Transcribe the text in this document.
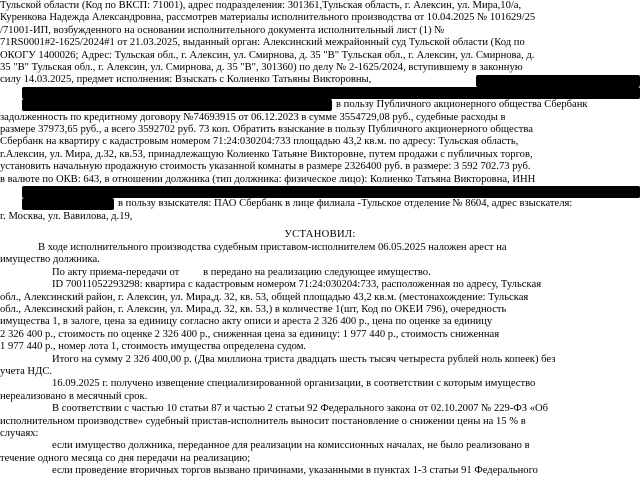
Тульской области (Код по ВКСП: 71001), адрес подразделения: 301361,Тульская область, г. Алексин, ул. Мира,10/а,
Куренкова Надежда Александровна, рассмотрев материалы исполнительного производства от 10.04.2025 № 101629/25
/71001-ИП, возбужденного на основании исполнительного документа исполнительный лист (1) №
71RS0001#2-1625/2024#1 от 21.03.2025, выданный орган: Алексинский межрайонный суд Тульской области (Код по
ОКОГУ 1400026; Адрес: Тульская обл., г. Алексин, ул. Смирнова, д. 35 "В" Тульская обл., г. Алексин, ул. Смирнова, д.
35 "В" Тульская обл., г. Алексин, ул. Смирнова, д. 35 "В", 301360) по делу № 2-1625/2024, вступившему в законную
силу 14.03.2025, предмет исполнения: Взыскать с Колиенко Татьяны Викторовны,
в пользу Публичного акционерного общества Сбербанк
задолженность по кредитному договору №74693915 от 06.12.2023 в сумме 3554729,08 руб., судебные расходы в
размере 37973,65 руб., а всего 3592702 руб. 73 коп. Обратить взыскание в пользу Публичного акционерного общества
Сбербанк на квартиру с кадастровым номером 71:24:030204:733 площадью 43,2 кв.м. по адресу: Тульская область,
г.Алексин, ул. Мира, д.32, кв.53, принадлежащую Колиенко Татьяне Викторовне, путем продажи с публичных торгов,
установить начальную продажную стоимость указанной комнаты в размере 2326400 руб. в размере: 3 592 702.73 руб.
в валюте по ОКВ: 643, в отношении должника (тип должника: физическое лицо): Колиенко Татьяна Викторовна, ИНН
в пользу взыскателя: ПАО Сбербанк в лице филиала -Тульское отделение № 8604, адрес взыскателя:
г. Москва, ул. Вавилова, д.19,
УСТАНОВИЛ:
В ходе исполнительного производства судебным приставом-исполнителем 06.05.2025 наложен арест на
имущество должника.
По акту приема-передачи от         в передано на реализацию следующее имущество.
ID 70011052293298: квартира с кадастровым номером 71:24:030204:733, расположенная по адресу, Тульская
обл., Алексинский район, г. Алексин, ул. Мира,д. 32, кв. 53, общей площадью 43,2 кв.м. (местонахождение: Тульская
обл., Алексинский район, г. Алексин, ул. Мира,д. 32, кв. 53,) в количестве 1(шт, Код по ОКЕИ 796), очередность
имущества 1, в залоге, цена за единицу согласно акту описи и ареста 2 326 400 р., цена по оценке за единицу
2 326 400 р., стоимость по оценке 2 326 400 р., сниженная цена за единицу: 1 977 440 р., стоимость сниженная
1 977 440 р., номер лота 1, стоимость имущества определена судом.
Итого на сумму 2 326 400,00 р. (Два миллиона триста двадцать шесть тысяч четыреста рублей ноль копеек) без
учета НДС.
16.09.2025 г. получено извещение специализированной организации, в соответствии с которым имущество
нереализовано в месячный срок.
В соответствии с частью 10 статьи 87 и частью 2 статьи 92 Федерального закона от 02.10.2007 № 229-ФЗ «Об
исполнительном производстве» судебный пристав-исполнитель выносит постановление о снижении цены на 15 % в
случаях:
если имущество должника, переданное для реализации на комиссионных началах, не было реализовано в
течение одного месяца со дня передачи на реализацию;
если проведение вторичных торгов вызвано причинами, указанными в пунктах 1-3 статьи 91 Федерального
